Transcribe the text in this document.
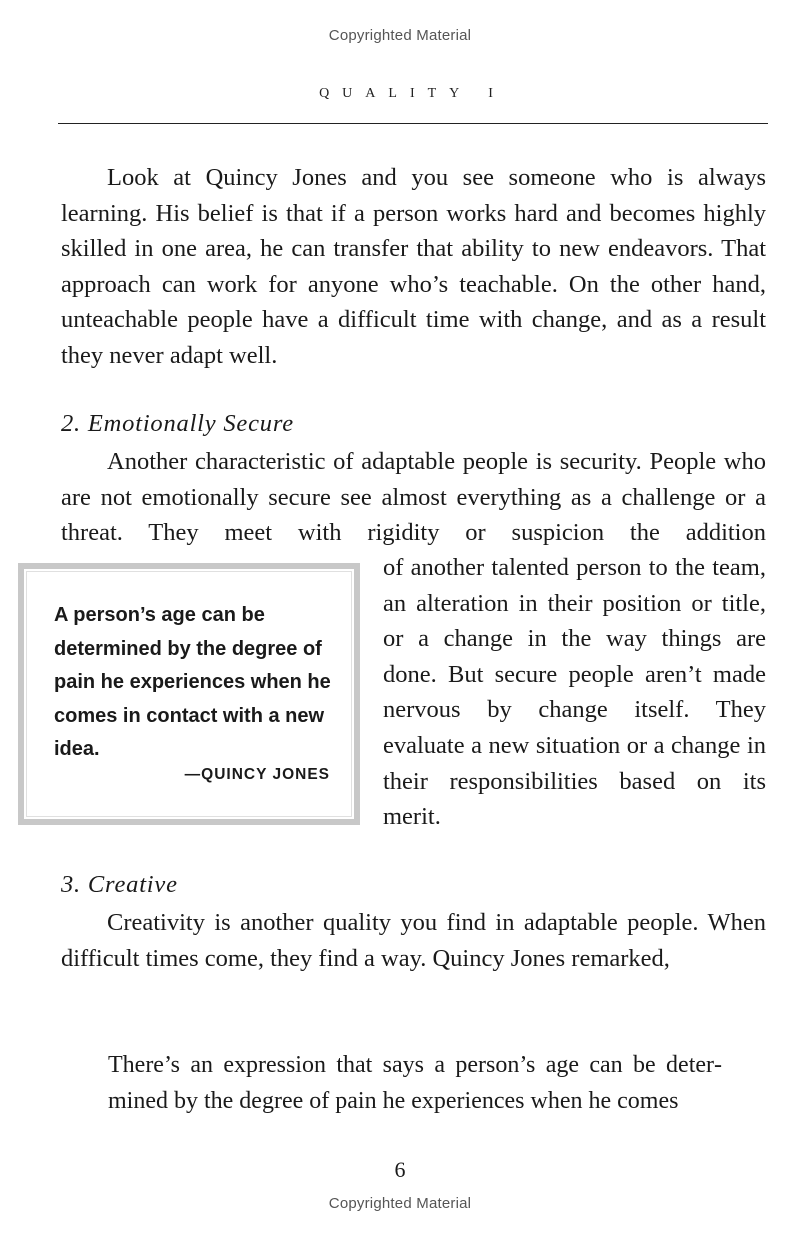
Copyrighted Material
QUALITY I

Look at Quincy Jones and you see someone who is always learning. His belief is that if a person works hard and becomes highly skilled in one area, he can transfer that ability to new endeavors. That approach can work for anyone who’s teachable. On the other hand, unteachable people have a difficult time with change, and as a result they never adapt well.

2. Emotionally Secure

Another characteristic of adaptable people is security. People who are not emotionally secure see almost everything as a challenge or a threat. They meet with rigidity or suspicion the addition

A person’s age can be determined by the degree of pain he experiences when he comes in contact with a new idea.

—QUINCY JONES

of another talented person to the team, an alteration in their position or title, or a change in the way things are done. But secure people aren’t made nervous by change itself. They evaluate a new situation or a change in their responsibilities based on its merit.

3. Creative

Creativity is another quality you find in adaptable people. When difficult times come, they find a way. Quincy Jones remarked,

There’s an expression that says a person’s age can be determined by the degree of pain he experiences when he comes

6
Copyrighted Material
